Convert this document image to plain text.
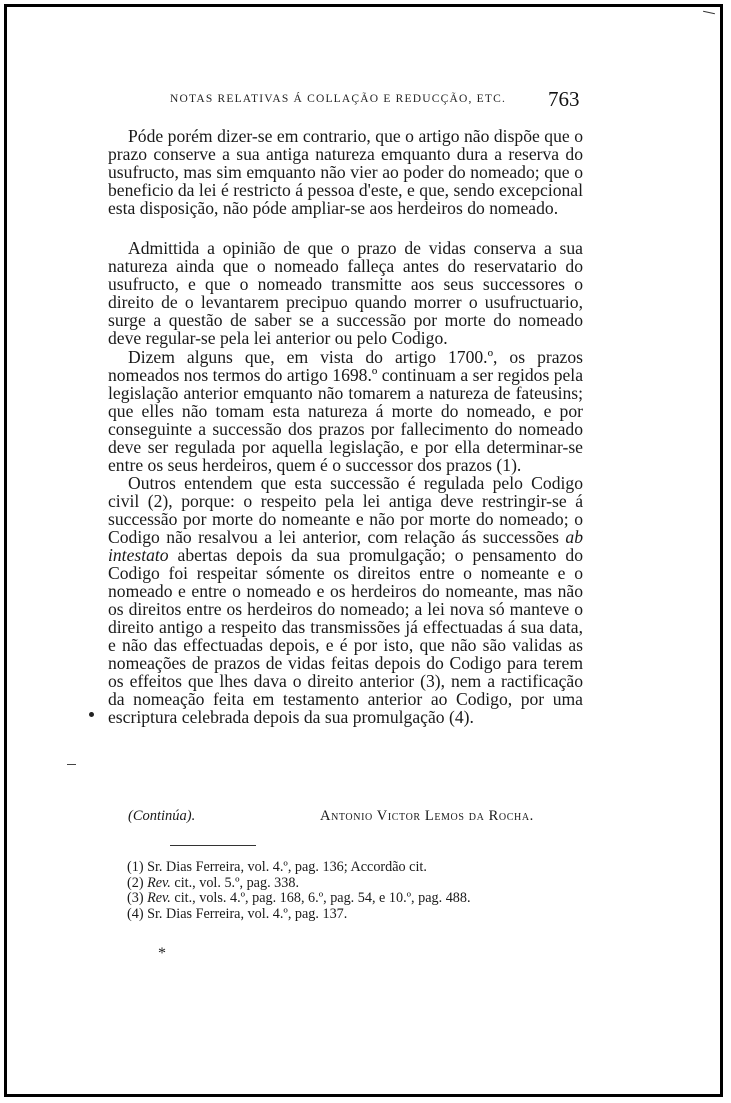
NOTAS RELATIVAS Á COLLAÇÃO E REDUCÇÃO, ETC. 763

Póde porém dizer-se em contrario, que o artigo não dispõe que o prazo conserve a sua antiga natureza emquanto dura a reserva do usufructo, mas sim emquanto não vier ao poder do nomeado; que o beneficio da lei é restricto á pessoa d'este, e que, sendo excepcional esta disposição, não póde ampliar-se aos herdeiros do nomeado.

Admittida a opinião de que o prazo de vidas conserva a sua natureza ainda que o nomeado falleça antes do reservatario do usufructo, e que o nomeado transmitte aos seus successores o direito de o levantarem precipuo quando morrer o usufructuario, surge a questão de saber se a successão por morte do nomeado deve regular-se pela lei anterior ou pelo Codigo.

Dizem alguns que, em vista do artigo 1700.º, os prazos nomeados nos termos do artigo 1698.º continuam a ser regidos pela legislação anterior emquanto não tomarem a natureza de fateusins; que elles não tomam esta natureza á morte do nomeado, e por conseguinte a successão dos prazos por fallecimento do nomeado deve ser regulada por aquella legislação, e por ella determinar-se entre os seus herdeiros, quem é o successor dos prazos (1).

Outros entendem que esta successão é regulada pelo Codigo civil (2), porque: o respeito pela lei antiga deve restringir-se á successão por morte do nomeante e não por morte do nomeado; o Codigo não resalvou a lei anterior, com relação ás successões ab intestato abertas depois da sua promulgação; o pensamento do Codigo foi respeitar sómente os direitos entre o nomeante e o nomeado e entre o nomeado e os herdeiros do nomeante, mas não os direitos entre os herdeiros do nomeado; a lei nova só manteve o direito antigo a respeito das transmissões já effectuadas á sua data, e não das effectuadas depois, e é por isto, que não são validas as nomeações de prazos de vidas feitas depois do Codigo para terem os effeitos que lhes dava o direito anterior (3), nem a ractificação da nomeação feita em testamento anterior ao Codigo, por uma escriptura celebrada depois da sua promulgação (4).

(Continúa).	Antonio Victor Lemos da Rocha.

(1) Sr. Dias Ferreira, vol. 4.º, pag. 136; Accordão cit.

(2) Rev. cit., vol. 5.º, pag. 338.

(3) Rev. cit., vols. 4.º, pag. 168, 6.º, pag. 54, e 10.º, pag. 488.

(4) Sr. Dias Ferreira, vol. 4.º, pag. 137.

*
